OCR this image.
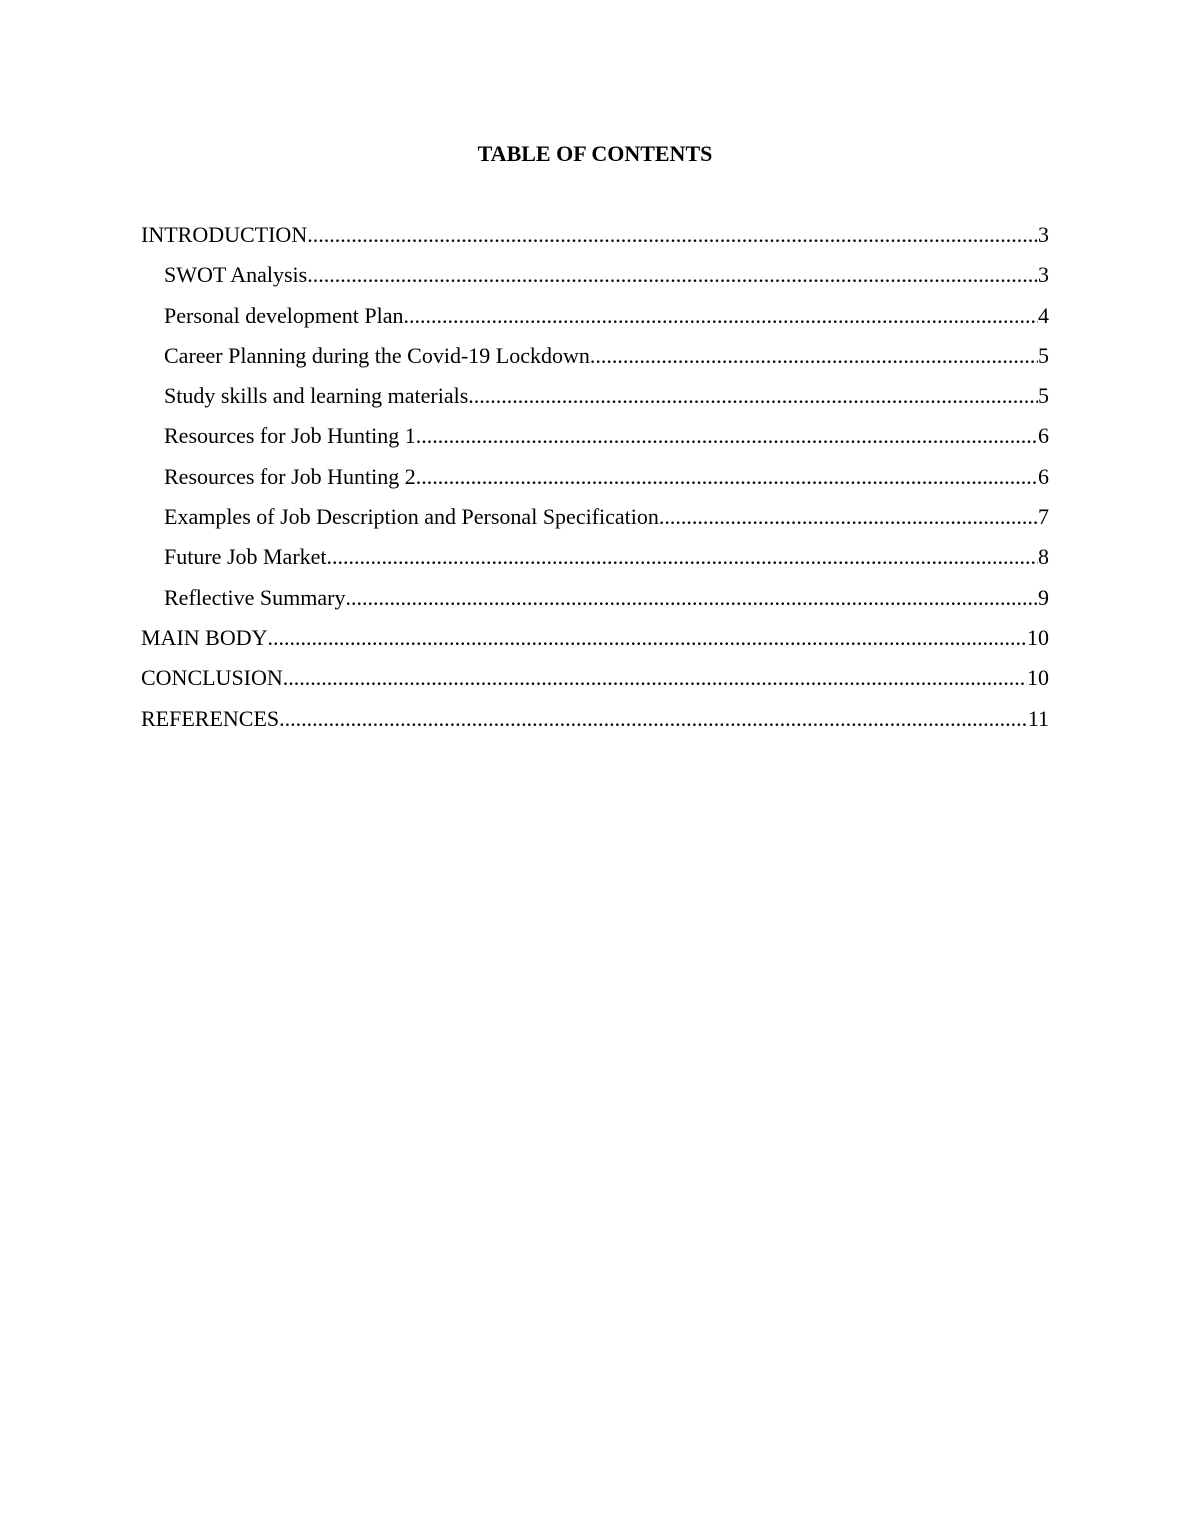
TABLE OF CONTENTS
INTRODUCTION .....	3
SWOT Analysis .....	3
Personal development Plan .....	4
Career Planning during the Covid-19 Lockdown .....	5
Study skills and learning materials .....	5
Resources for Job Hunting 1 .....	6
Resources for Job Hunting 2 .....	6
Examples of Job Description and Personal Specification .....	7
Future Job Market .....	8
Reflective Summary .....	9
MAIN BODY .....	10
CONCLUSION .....	10
REFERENCES .....	11
